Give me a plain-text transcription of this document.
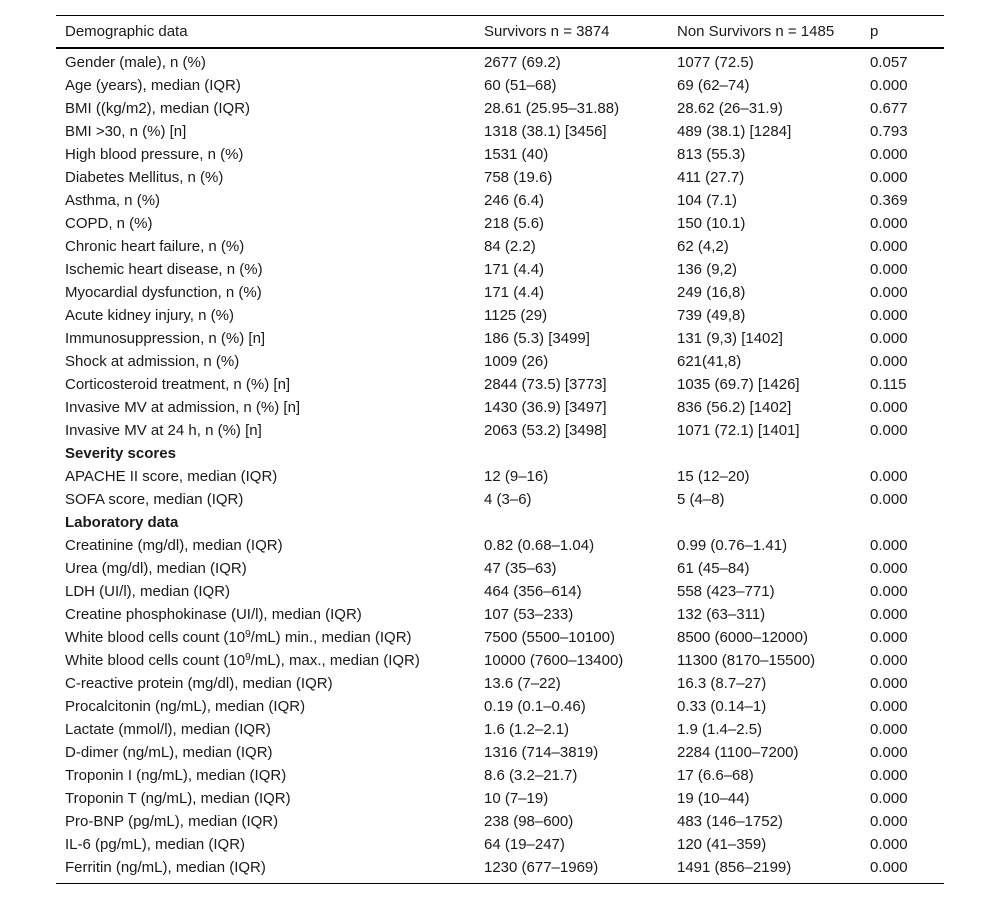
Demographic data	Survivors n = 3874	Non Survivors n = 1485	p
Gender (male), n (%)	2677 (69.2)	1077 (72.5)	0.057
Age (years), median (IQR)	60 (51–68)	69 (62–74)	0.000
BMI ((kg/m2), median (IQR)	28.61 (25.95–31.88)	28.62 (26–31.9)	0.677
BMI >30, n (%) [n]	1318 (38.1) [3456]	489 (38.1) [1284]	0.793
High blood pressure, n (%)	1531 (40)	813 (55.3)	0.000
Diabetes Mellitus, n (%)	758 (19.6)	411 (27.7)	0.000
Asthma, n (%)	246 (6.4)	104 (7.1)	0.369
COPD, n (%)	218 (5.6)	150 (10.1)	0.000
Chronic heart failure, n (%)	84 (2.2)	62 (4,2)	0.000
Ischemic heart disease, n (%)	171 (4.4)	136 (9,2)	0.000
Myocardial dysfunction, n (%)	171 (4.4)	249 (16,8)	0.000
Acute kidney injury, n (%)	1125 (29)	739 (49,8)	0.000
Immunosuppression, n (%) [n]	186 (5.3) [3499]	131 (9,3) [1402]	0.000
Shock at admission, n (%)	1009 (26)	621(41,8)	0.000
Corticosteroid treatment, n (%) [n]	2844 (73.5) [3773]	1035 (69.7) [1426]	0.115
Invasive MV at admission, n (%) [n]	1430 (36.9) [3497]	836 (56.2) [1402]	0.000
Invasive MV at 24 h, n (%) [n]	2063 (53.2) [3498]	1071 (72.1) [1401]	0.000
Severity scores			
APACHE II score, median (IQR)	12 (9–16)	15 (12–20)	0.000
SOFA score, median (IQR)	4 (3–6)	5 (4–8)	0.000
Laboratory data			
Creatinine (mg/dl), median (IQR)	0.82 (0.68–1.04)	0.99 (0.76–1.41)	0.000
Urea (mg/dl), median (IQR)	47 (35–63)	61 (45–84)	0.000
LDH (UI/l), median (IQR)	464 (356–614)	558 (423–771)	0.000
Creatine phosphokinase (UI/l), median (IQR)	107 (53–233)	132 (63–311)	0.000
White blood cells count $(10^9/mL)$ min., median (IQR)	7500 (5500–10100)	8500 (6000–12000)	0.000
White blood cells count $(10^9/mL)$, max., median (IQR)	10000 (7600–13400)	11300 (8170–15500)	0.000
C-reactive protein (mg/dl), median (IQR)	13.6 (7–22)	16.3 (8.7–27)	0.000
Procalcitonin (ng/mL), median (IQR)	0.19 (0.1–0.46)	0.33 (0.14–1)	0.000
Lactate (mmol/l), median (IQR)	1.6 (1.2–2.1)	1.9 (1.4–2.5)	0.000
D-dimer (ng/mL), median (IQR)	1316 (714–3819)	2284 (1100–7200)	0.000
Troponin I (ng/mL), median (IQR)	8.6 (3.2–21.7)	17 (6.6–68)	0.000
Troponin T (ng/mL), median (IQR)	10 (7–19)	19 (10–44)	0.000
Pro-BNP (pg/mL), median (IQR)	238 (98–600)	483 (146–1752)	0.000
IL-6 (pg/mL), median (IQR)	64 (19–247)	120 (41–359)	0.000
Ferritin (ng/mL), median (IQR)	1230 (677–1969)	1491 (856–2199)	0.000
